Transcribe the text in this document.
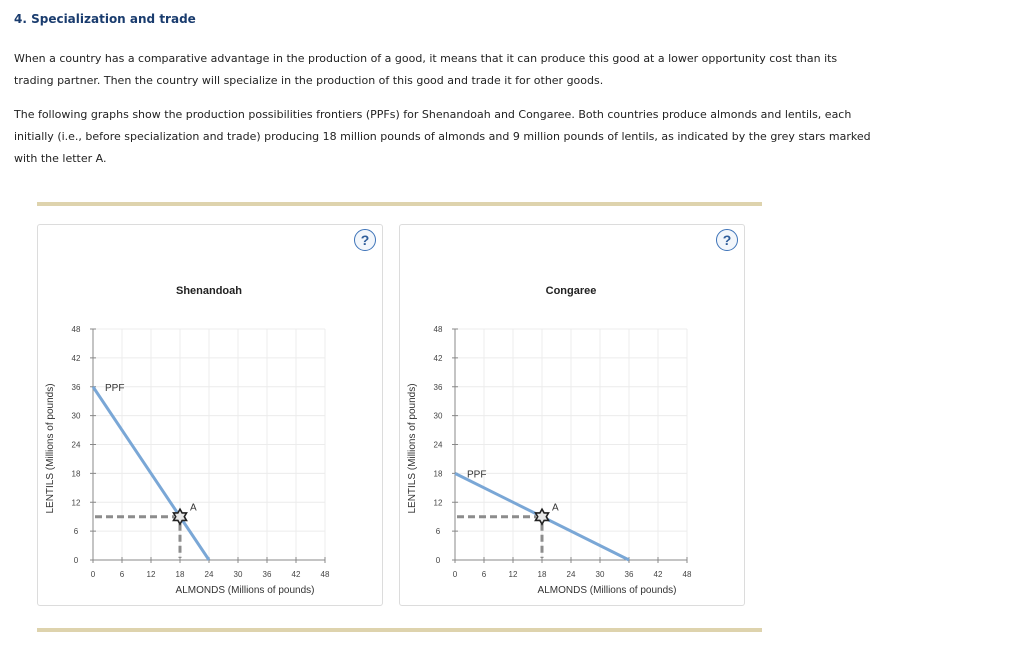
4. Specialization and trade

When a country has a comparative advantage in the production of a good, it means that it can produce this good at a lower opportunity cost than its trading partner. Then the country will specialize in the production of this good and trade it for other goods.

The following graphs show the production possibilities frontiers (PPFs) for Shenandoah and Congaree. Both countries produce almonds and lentils, each initially (i.e., before specialization and trade) producing 18 million pounds of almonds and 9 million pounds of lentils, as indicated by the grey stars marked with the letter A.

?
Shenandoah
0	6	12	18	24	30	36	42	48
0
6
12
18
24
30
36
42
48
ALMONDS (Millions of pounds)
LENTILS (Millions of pounds)	PPF
A
?
Congaree
0	6	12	18	24	30	36	42	48
0
6
12
18
24
30
36
42
48
ALMONDS (Millions of pounds)
LENTILS (Millions of pounds)	PPF
A
